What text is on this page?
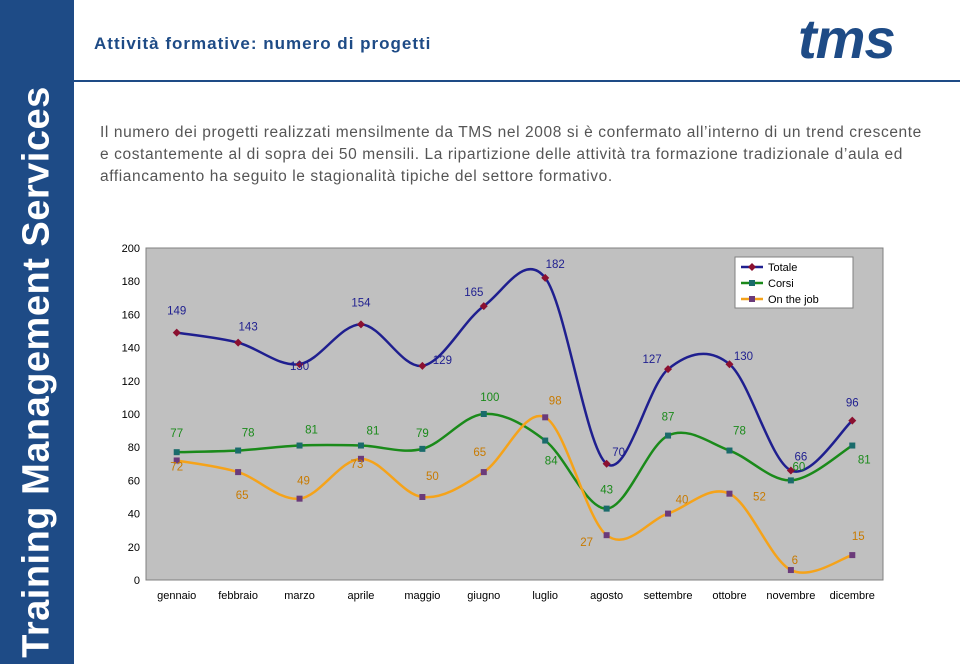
Training Management Services
Attività formative: numero di progetti	tms
Il numero dei progetti realizzati mensilmente da TMS nel 2008 si è confermato all’interno di un trend crescente e costantemente al di sopra dei 50 mensili. La ripartizione delle attività tra formazione tradizionale d’aula ed affiancamento ha seguito le stagionalità tipiche del settore formativo.
0
20
40
60
80
100
120
140
160
180
200
gennaio febbraio marzo	aprile	maggio giugno	luglio	agosto settembre ottobre novembre dicembre
149
143
130
154
129
165
182
70
127	130
66
96
77	78	81	81	79
100
84
43
87
78
60
81
72
65
49
73
50
65
98
27
40	52
6
15
Totale
Corsi
On the job
